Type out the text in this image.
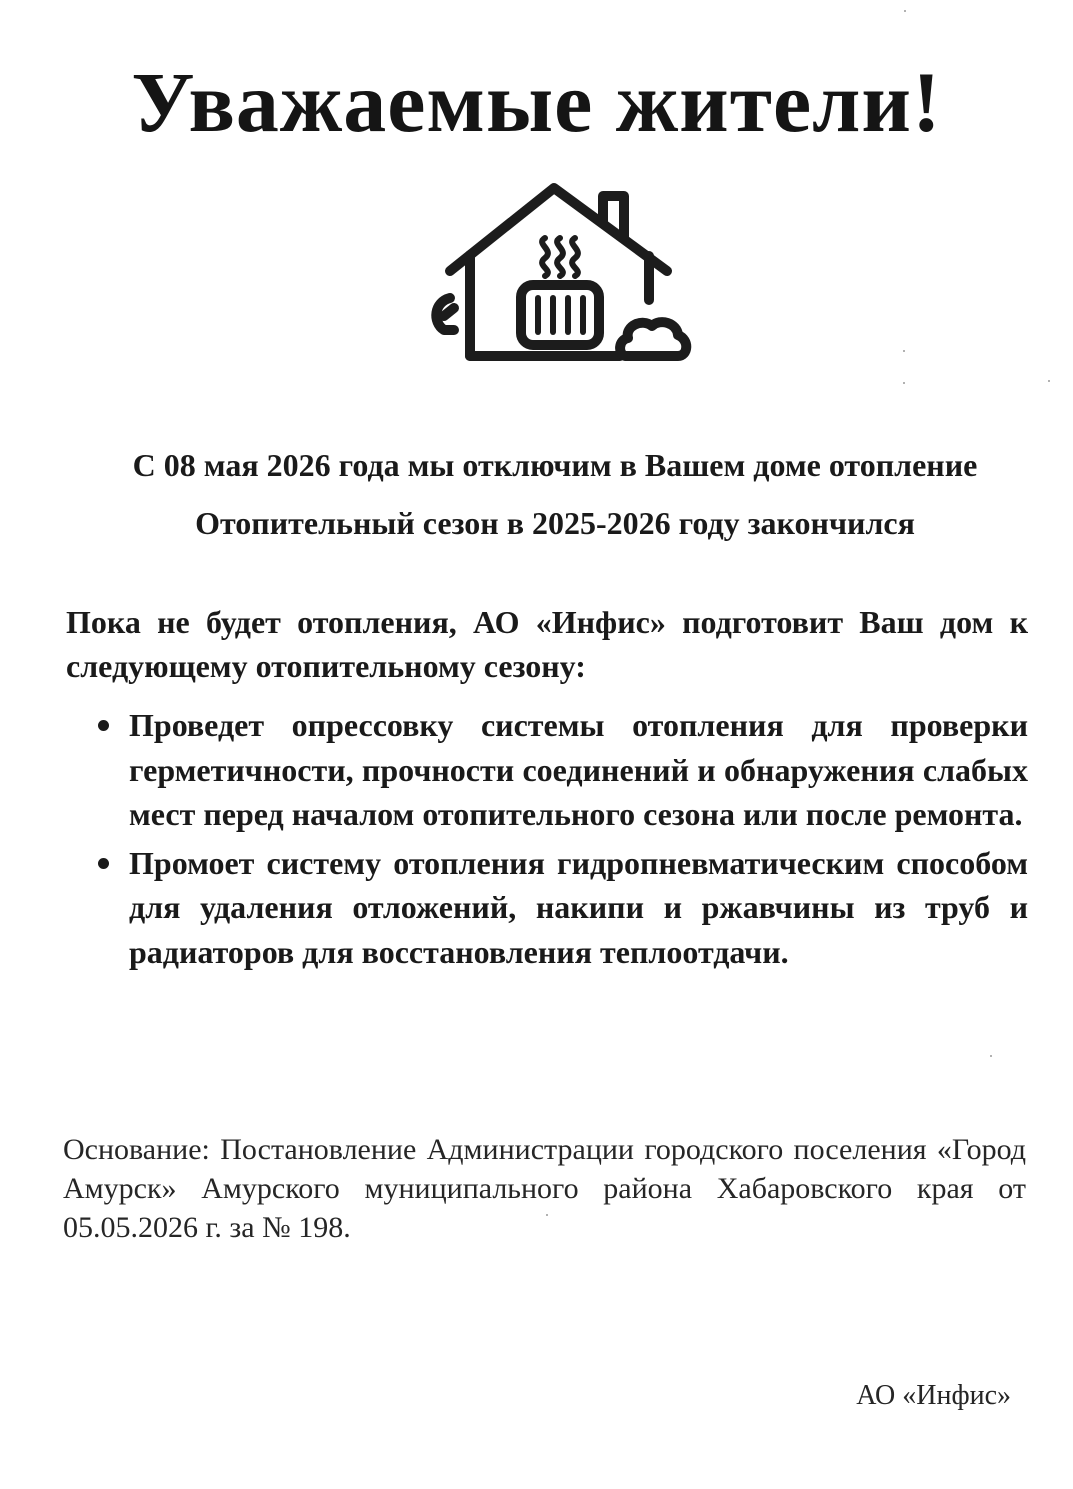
Уважаемые жители!
С 08 мая 2026 года мы отключим в Вашем доме отопление
Отопительный сезон в 2025-2026 году закончился
Пока не будет отопления, АО «Инфис» подготовит Ваш дом к следующему отопительному сезону:
Проведет опрессовку системы отопления для проверки герметичности, прочности соединений и обнаружения слабых мест перед началом отопительного сезона или после ремонта.
Промоет систему отопления гидропневматическим способом для удаления отложений, накипи и ржавчины из труб и радиаторов для восстановления теплоотдачи.
Основание: Постановление Администрации городского поселения «Город Амурск» Амурского муниципального района Хабаровского края от 05.05.2026 г. за № 198.
АО «Инфис»
